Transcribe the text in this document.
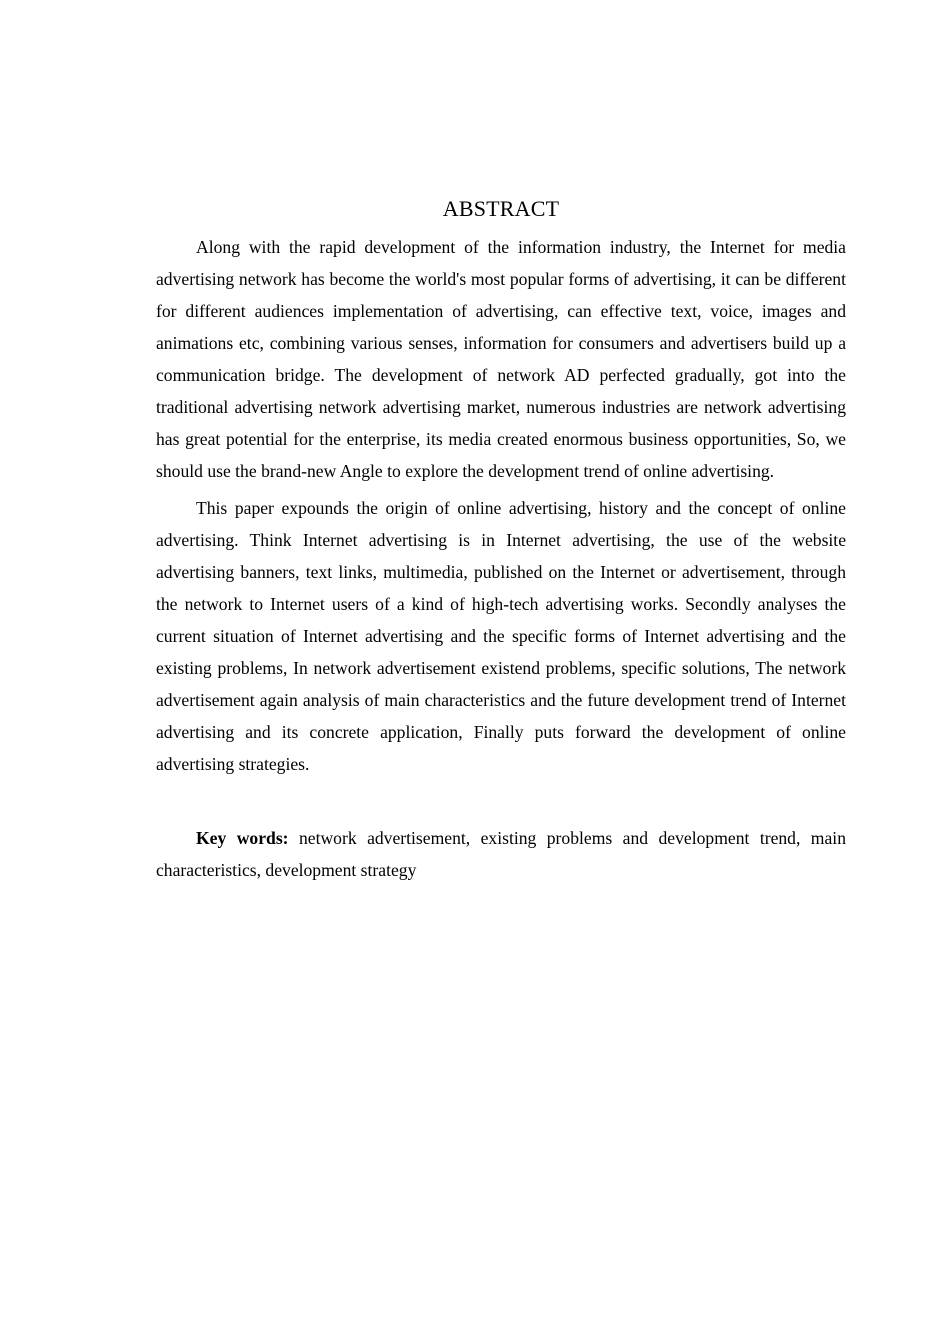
ABSTRACT

Along with the rapid development of the information industry, the Internet for media advertising network has become the world's most popular forms of advertising, it can be different for different audiences implementation of advertising, can effective text, voice, images and animations etc, combining various senses, information for consumers and advertisers build up a communication bridge. The development of network AD perfected gradually, got into the traditional advertising network advertising market, numerous industries are network advertising has great potential for the enterprise, its media created enormous business opportunities, So, we should use the brand-new Angle to explore the development trend of online advertising.

This paper expounds the origin of online advertising, history and the concept of online advertising. Think Internet advertising is in Internet advertising, the use of the website advertising banners, text links, multimedia, published on the Internet or advertisement, through the network to Internet users of a kind of high-tech advertising works. Secondly analyses the current situation of Internet advertising and the specific forms of Internet advertising and the existing problems, In network advertisement existend problems, specific solutions, The network advertisement again analysis of main characteristics and the future development trend of Internet advertising and its concrete application, Finally puts forward the development of online advertising strategies.

Key words: network advertisement, existing problems and development trend, main characteristics, development strategy
